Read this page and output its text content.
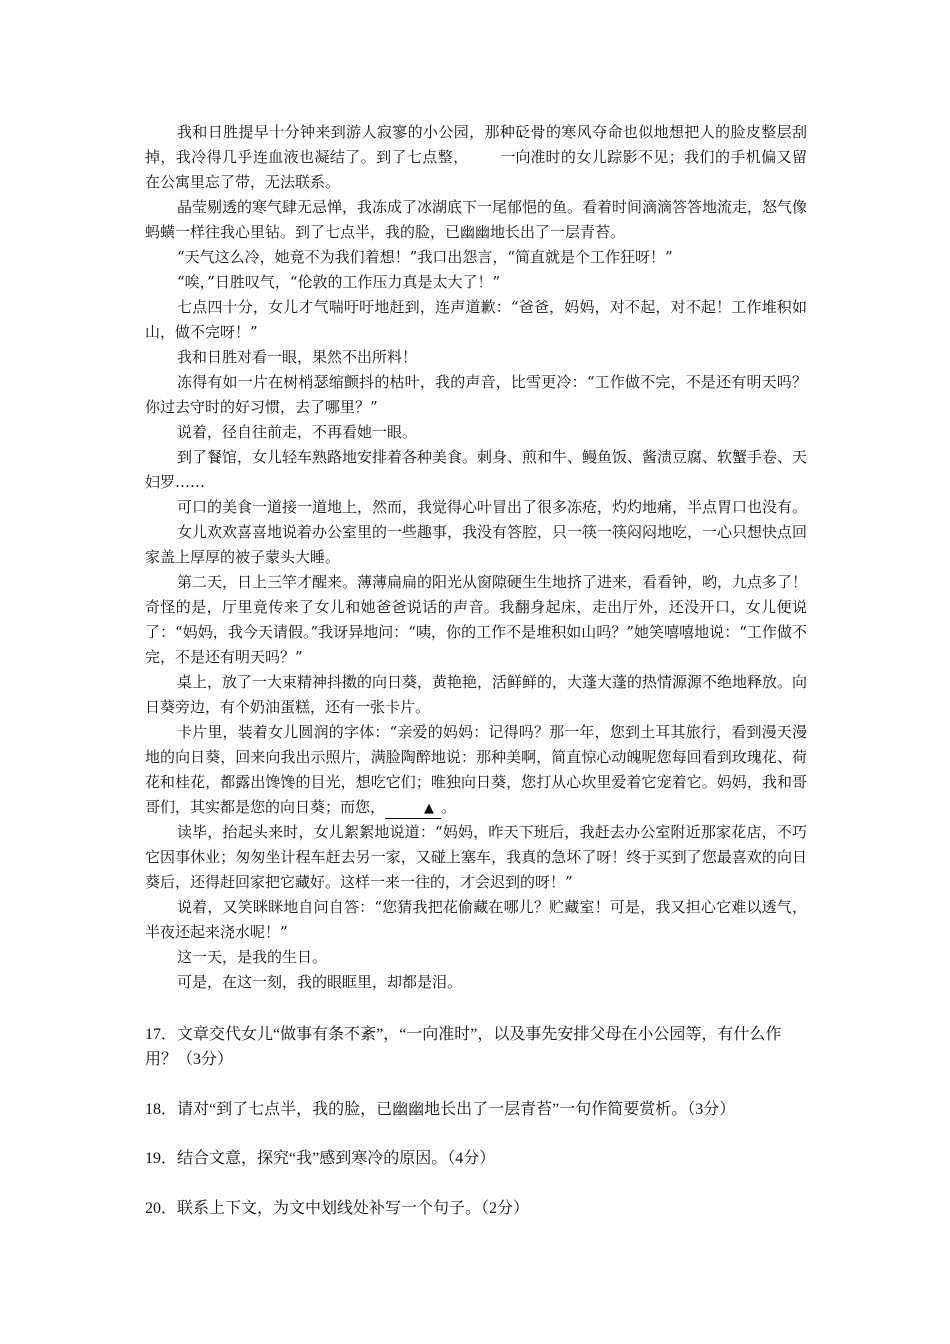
我和日胜提早十分钟来到游人寂寥的小公园，那种砭骨的寒风夺命也似地想把人的脸皮整层刮掉，我冷得几乎连血液也凝结了。到了七点整， 一向准时 ·   ·的女儿踪影不见；我们的手机偏又留在公寓里忘了带，无法联系。

晶莹剔透的寒气肆无忌惮，我冻成了冰湖底下一尾郁悒的鱼。看着时间滴滴答答地流走，怒气像蚂蟥一样往我心里钻。到了七点半，我的脸，已幽幽地长出了一层青苔。

“天气这么冷，她竟不为我们着想！”我口出怨言，“简直就是个工作狂呀！”

“唉，”日胜叹气，“伦敦的工作压力真是太大了！”

七点四十分，女儿才气喘吁吁地赶到，连声道歉：“爸爸，妈妈，对不起，对不起！工作堆积如山，做不完呀！”

我和日胜对看一眼，果然不出所料！

冻得有如一片在树梢瑟缩颤抖的枯叶，我的声音，比雪更冷：“工作做不完，不是还有明天吗？你过去守时的好习惯，去了哪里？”

说着，径自往前走，不再看她一眼。

到了餐馆，女儿轻车熟路地安排着各种美食。刺身、煎和牛、鳗鱼饭、酱渍豆腐、软蟹手卷、天妇罗……

可口的美食一道接一道地上，然而，我觉得心叶冒出了很多冻疮，灼灼地痛，半点胃口也没有。

女儿欢欢喜喜地说着办公室里的一些趣事，我没有答腔，只一筷一筷闷闷地吃，一心只想快点回家盖上厚厚的被子蒙头大睡。

第二天，日上三竿才醒来。薄薄扁扁的阳光从窗隙硬生生地挤了进来，看看钟，哟，九点多了！奇怪的是，厅里竟传来了女儿和她爸爸说话的声音。我翻身起床，走出厅外，还没开口，女儿便说了：“妈妈，我今天请假。”我讶异地问：“咦，你的工作不是堆积如山吗？”她笑嘻嘻地说：“工作做不完，不是还有明天吗？”

桌上，放了一大束精神抖擞的向日葵，黄艳艳，活鲜鲜的，大蓬大蓬的热情源源不绝地释放。向日葵旁边，有个奶油蛋糕，还有一张卡片。

卡片里，装着女儿圆润的字体：“亲爱的妈妈：记得吗？那一年，您到土耳其旅行，看到漫天漫地的向日葵，回来向我出示照片，满脸陶醉地说：那种美啊，简直惊心动魄呢您每回看到玫瑰花、荷花和桂花，都露出馋馋的目光，想吃它们；唯独向日葵，您打从心坎里爱着它宠着它。妈妈，我和哥哥们，其实都是您的向日葵；而您，	▲ 。

读毕，抬起头来时，女儿絮絮地说道：“妈妈，昨天下班后，我赶去办公室附近那家花店，不巧它因事休业；匆匆坐计程车赶去另一家，又碰上塞车，我真的急坏了呀！终于买到了您最喜欢的向日葵后，还得赶回家把它藏好。这样一来一往的，才会迟到的呀！”

说着，又笑眯眯地自问自答：“您猜我把花偷藏在哪儿？贮藏室！可是，我又担心它难以透气，半夜还起来浇水呢！”

这一天，是我的生日。

可是，在这一刻，我的眼眶里，却都是泪。

17．文章交代女儿“做事有条不紊”，“一向准时”，以及事先安排父母在小公园等，有什么作用？（3分）

18．请对“到了七点半，我的脸，已幽幽地长出了一层青苔”一句作简要赏析。（3分）

19．结合文意，探究“我”感到寒冷的原因。（4分）

20．联系上下文，为文中划线处补写一个句子。（2分）
